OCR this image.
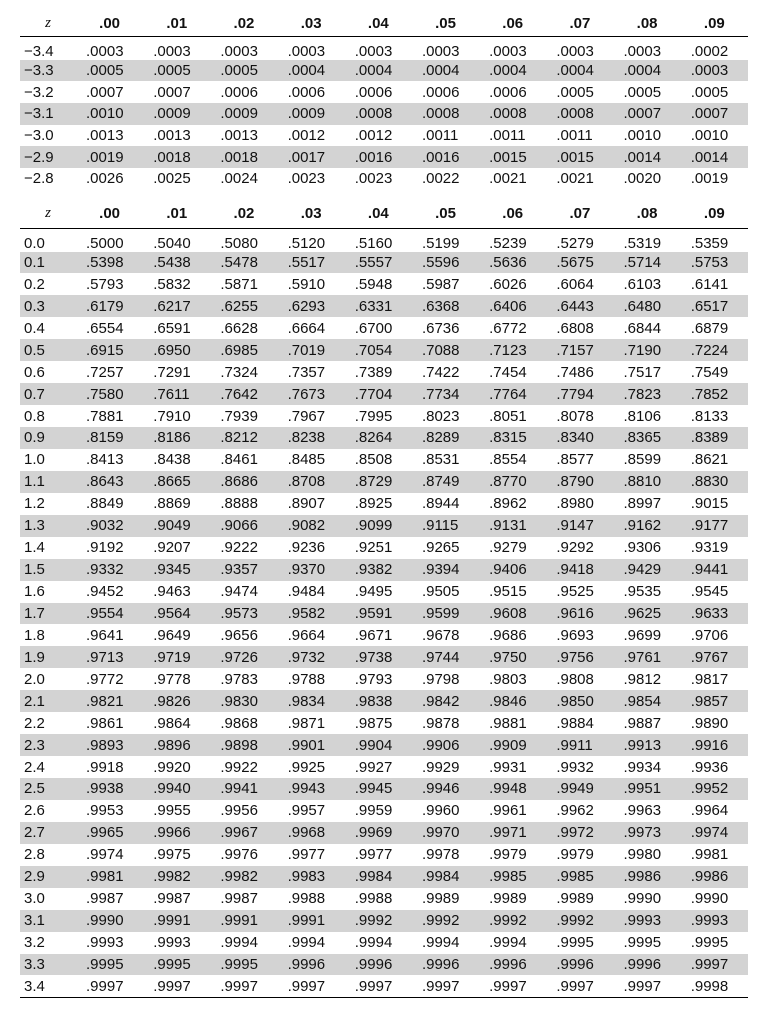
z	.00	.01	.02	.03	.04	.05	.06	.07	.08	.09
−3.4	.0003	.0003	.0003	.0003	.0003	.0003	.0003	.0003	.0003	.0002
−3.3	.0005	.0005	.0005	.0004	.0004	.0004	.0004	.0004	.0004	.0003
−3.2	.0007	.0007	.0006	.0006	.0006	.0006	.0006	.0005	.0005	.0005
−3.1	.0010	.0009	.0009	.0009	.0008	.0008	.0008	.0008	.0007	.0007
−3.0	.0013	.0013	.0013	.0012	.0012	.0011	.0011	.0011	.0010	.0010
−2.9	.0019	.0018	.0018	.0017	.0016	.0016	.0015	.0015	.0014	.0014
−2.8	.0026	.0025	.0024	.0023	.0023	.0022	.0021	.0021	.0020	.0019
z	.00	.01	.02	.03	.04	.05	.06	.07	.08	.09
0.0	.5000	.5040	.5080	.5120	.5160	.5199	.5239	.5279	.5319	.5359
0.1	.5398	.5438	.5478	.5517	.5557	.5596	.5636	.5675	.5714	.5753
0.2	.5793	.5832	.5871	.5910	.5948	.5987	.6026	.6064	.6103	.6141
0.3	.6179	.6217	.6255	.6293	.6331	.6368	.6406	.6443	.6480	.6517
0.4	.6554	.6591	.6628	.6664	.6700	.6736	.6772	.6808	.6844	.6879
0.5	.6915	.6950	.6985	.7019	.7054	.7088	.7123	.7157	.7190	.7224
0.6	.7257	.7291	.7324	.7357	.7389	.7422	.7454	.7486	.7517	.7549
0.7	.7580	.7611	.7642	.7673	.7704	.7734	.7764	.7794	.7823	.7852
0.8	.7881	.7910	.7939	.7967	.7995	.8023	.8051	.8078	.8106	.8133
0.9	.8159	.8186	.8212	.8238	.8264	.8289	.8315	.8340	.8365	.8389
1.0	.8413	.8438	.8461	.8485	.8508	.8531	.8554	.8577	.8599	.8621
1.1	.8643	.8665	.8686	.8708	.8729	.8749	.8770	.8790	.8810	.8830
1.2	.8849	.8869	.8888	.8907	.8925	.8944	.8962	.8980	.8997	.9015
1.3	.9032	.9049	.9066	.9082	.9099	.9115	.9131	.9147	.9162	.9177
1.4	.9192	.9207	.9222	.9236	.9251	.9265	.9279	.9292	.9306	.9319
1.5	.9332	.9345	.9357	.9370	.9382	.9394	.9406	.9418	.9429	.9441
1.6	.9452	.9463	.9474	.9484	.9495	.9505	.9515	.9525	.9535	.9545
1.7	.9554	.9564	.9573	.9582	.9591	.9599	.9608	.9616	.9625	.9633
1.8	.9641	.9649	.9656	.9664	.9671	.9678	.9686	.9693	.9699	.9706
1.9	.9713	.9719	.9726	.9732	.9738	.9744	.9750	.9756	.9761	.9767
2.0	.9772	.9778	.9783	.9788	.9793	.9798	.9803	.9808	.9812	.9817
2.1	.9821	.9826	.9830	.9834	.9838	.9842	.9846	.9850	.9854	.9857
2.2	.9861	.9864	.9868	.9871	.9875	.9878	.9881	.9884	.9887	.9890
2.3	.9893	.9896	.9898	.9901	.9904	.9906	.9909	.9911	.9913	.9916
2.4	.9918	.9920	.9922	.9925	.9927	.9929	.9931	.9932	.9934	.9936
2.5	.9938	.9940	.9941	.9943	.9945	.9946	.9948	.9949	.9951	.9952
2.6	.9953	.9955	.9956	.9957	.9959	.9960	.9961	.9962	.9963	.9964
2.7	.9965	.9966	.9967	.9968	.9969	.9970	.9971	.9972	.9973	.9974
2.8	.9974	.9975	.9976	.9977	.9977	.9978	.9979	.9979	.9980	.9981
2.9	.9981	.9982	.9982	.9983	.9984	.9984	.9985	.9985	.9986	.9986
3.0	.9987	.9987	.9987	.9988	.9988	.9989	.9989	.9989	.9990	.9990
3.1	.9990	.9991	.9991	.9991	.9992	.9992	.9992	.9992	.9993	.9993
3.2	.9993	.9993	.9994	.9994	.9994	.9994	.9994	.9995	.9995	.9995
3.3	.9995	.9995	.9995	.9996	.9996	.9996	.9996	.9996	.9996	.9997
3.4	.9997	.9997	.9997	.9997	.9997	.9997	.9997	.9997	.9997	.9998
